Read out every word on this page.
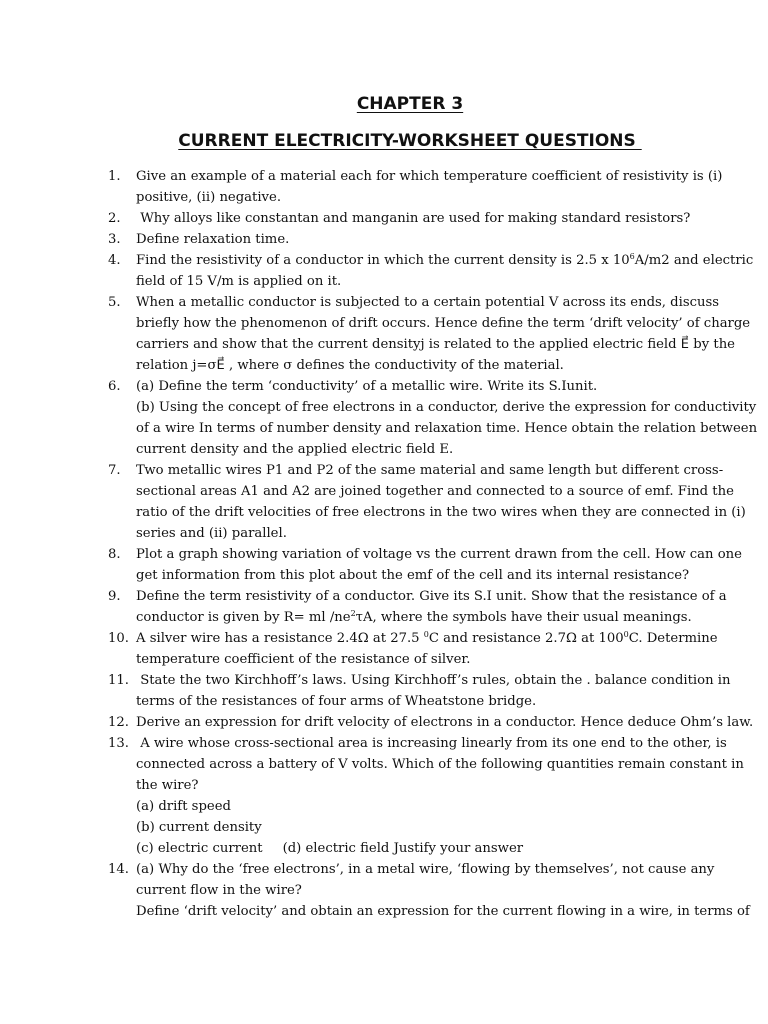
CHAPTER 3
CURRENT ELECTRICITY-WORKSHEET QUESTIONS
1. Give an example of a material each for which temperature coefficient of resistivity is (i)
positive, (ii) negative.
2. Why alloys like constantan and manganin are used for making standard resistors?
3. Define relaxation time.
4. Find the resistivity of a conductor in which the current density is 2.5 x $10^6A/m2$ and electric
field of 15 V/m is applied on it.
5. When a metallic conductor is subjected to a certain potential V across its ends, discuss
briefly how the phenomenon of drift occurs. Hence define the term ‘drift velocity’ of charge
carriers and show that the current densityj is related to the applied electric field E⃗ by the
relation j=σE⃗ , where σ defines the conductivity of the material.
6. (a) Define the term ‘conductivity’ of a metallic wire. Write its S.Iunit.
(b) Using the concept of free electrons in a conductor, derive the expression for conductivity
of a wire In terms of number density and relaxation time. Hence obtain the relation between
current density and the applied electric field E.
7. Two metallic wires P1 and P2 of the same material and same length but different cross-
sectional areas A1 and A2 are joined together and connected to a source of emf. Find the
ratio of the drift velocities of free electrons in the two wires when they are connected in (i)
series and (ii) parallel.
8. Plot a graph showing variation of voltage vs the current drawn from the cell. How can one
get information from this plot about the emf of the cell and its internal resistance?
9. Define the term resistivity of a conductor. Give its S.I unit. Show that the resistance of a
conductor is given by R= ml $/ne^2\tau A$, where the symbols have their usual meanings.
10. A silver wire has a resistance 2.4Ω at 27.5 $^0$C and resistance 2.7Ω at $100^0C$. Determine
temperature coefficient of the resistance of silver.
11. State the two Kirchhoff’s laws. Using Kirchhoff’s rules, obtain the . balance condition in
terms of the resistances of four arms of Wheatstone bridge.
12. Derive an expression for drift velocity of electrons in a conductor. Hence deduce Ohm’s law.
13. A wire whose cross-sectional area is increasing linearly from its one end to the other, is
connected across a battery of V volts. Which of the following quantities remain constant in
the wire?
(a) drift speed
(b) current density
(c) electric current (d) electric field Justify your answer
14. (a) Why do the ‘free electrons’, in a metal wire, ‘flowing by themselves’, not cause any
current flow in the wire?
Define ‘drift velocity’ and obtain an expression for the current flowing in a wire, in terms of
